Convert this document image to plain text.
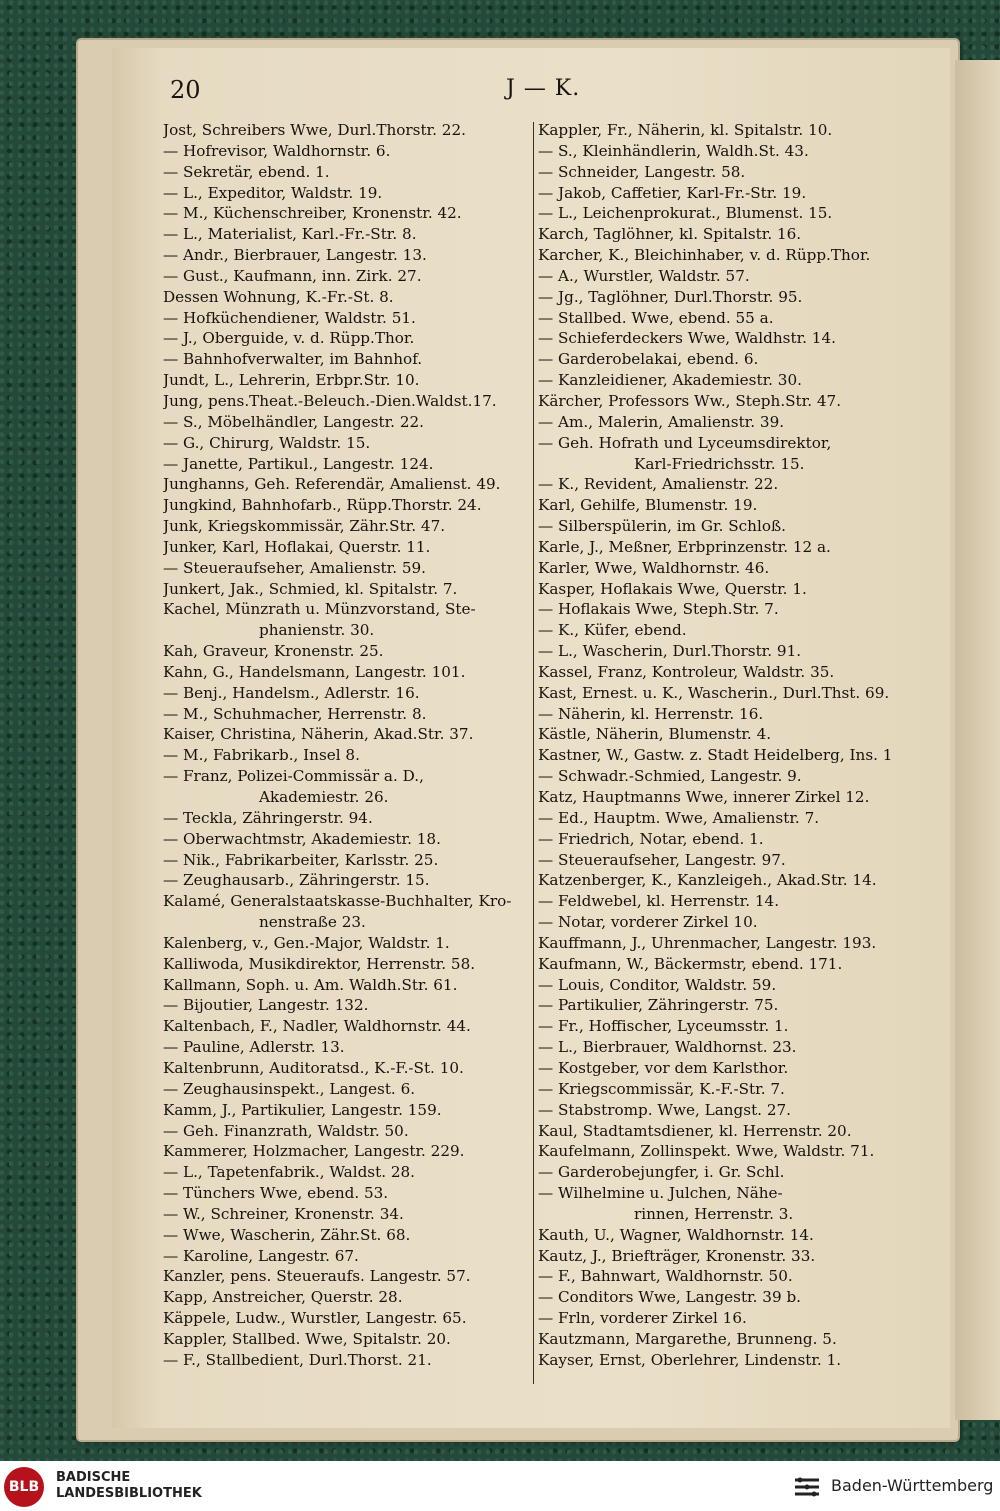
20	J — K.
Jost, Schreibers Wwe, Durl.Thorstr. 22.
— Hofrevisor, Waldhornstr. 6.
— Sekretär, ebend. 1.
— L., Expeditor, Waldstr. 19.
— M., Küchenschreiber, Kronenstr. 42.
— L., Materialist, Karl.-Fr.-Str. 8.
— Andr., Bierbrauer, Langestr. 13.
— Gust., Kaufmann, inn. Zirk. 27.
Dessen Wohnung, K.-Fr.-St. 8.
— Hofküchendiener, Waldstr. 51.
— J., Oberguide, v. d. Rüpp.Thor.
— Bahnhofverwalter, im Bahnhof.
Jundt, L., Lehrerin, Erbpr.Str. 10.
Jung, pens.Theat.-Beleuch.-Dien.Waldst.17.
— S., Möbelhändler, Langestr. 22.
— G., Chirurg, Waldstr. 15.
— Janette, Partikul., Langestr. 124.
Junghanns, Geh. Referendär, Amalienst. 49.
Jungkind, Bahnhofarb., Rüpp.Thorstr. 24.
Junk, Kriegskommissär, Zähr.Str. 47.
Junker, Karl, Hoflakai, Querstr. 11.
— Steueraufseher, Amalienstr. 59.
Junkert, Jak., Schmied, kl. Spitalstr. 7.
Kachel, Münzrath u. Münzvorstand, Ste-
phanienstr. 30.
Kah, Graveur, Kronenstr. 25.
Kahn, G., Handelsmann, Langestr. 101.
— Benj., Handelsm., Adlerstr. 16.
— M., Schuhmacher, Herrenstr. 8.
Kaiser, Christina, Näherin, Akad.Str. 37.
— M., Fabrikarb., Insel 8.
— Franz, Polizei-Commissär a. D.,
Akademiestr. 26.
— Teckla, Zähringerstr. 94.
— Oberwachtmstr, Akademiestr. 18.
— Nik., Fabrikarbeiter, Karlsstr. 25.
— Zeughausarb., Zähringerstr. 15.
Kalamé, Generalstaatskasse-Buchhalter, Kro-
nenstraße 23.
Kalenberg, v., Gen.-Major, Waldstr. 1.
Kalliwoda, Musikdirektor, Herrenstr. 58.
Kallmann, Soph. u. Am. Waldh.Str. 61.
— Bijoutier, Langestr. 132.
Kaltenbach, F., Nadler, Waldhornstr. 44.
— Pauline, Adlerstr. 13.
Kaltenbrunn, Auditoratsd., K.-F.-St. 10.
— Zeughausinspekt., Langest. 6.
Kamm, J., Partikulier, Langestr. 159.
— Geh. Finanzrath, Waldstr. 50.
Kammerer, Holzmacher, Langestr. 229.
— L., Tapetenfabrik., Waldst. 28.
— Tünchers Wwe, ebend. 53.
— W., Schreiner, Kronenstr. 34.
— Wwe, Wascherin, Zähr.St. 68.
— Karoline, Langestr. 67.
Kanzler, pens. Steueraufs. Langestr. 57.
Kapp, Anstreicher, Querstr. 28.
Käppele, Ludw., Wurstler, Langestr. 65.
Kappler, Stallbed. Wwe, Spitalstr. 20.
— F., Stallbedient, Durl.Thorst. 21.
Kappler, Fr., Näherin, kl. Spitalstr. 10.
— S., Kleinhändlerin, Waldh.St. 43.
— Schneider, Langestr. 58.
— Jakob, Caffetier, Karl-Fr.-Str. 19.
— L., Leichenprokurat., Blumenst. 15.
Karch, Taglöhner, kl. Spitalstr. 16.
Karcher, K., Bleichinhaber, v. d. Rüpp.Thor.
— A., Wurstler, Waldstr. 57.
— Jg., Taglöhner, Durl.Thorstr. 95.
— Stallbed. Wwe, ebend. 55 a.
— Schieferdeckers Wwe, Waldhstr. 14.
— Garderobelakai, ebend. 6.
— Kanzleidiener, Akademiestr. 30.
Kärcher, Professors Ww., Steph.Str. 47.
— Am., Malerin, Amalienstr. 39.
— Geh. Hofrath und Lyceumsdirektor,
Karl-Friedrichsstr. 15.
— K., Revident, Amalienstr. 22.
Karl, Gehilfe, Blumenstr. 19.
— Silberspülerin, im Gr. Schloß.
Karle, J., Meßner, Erbprinzenstr. 12 a.
Karler, Wwe, Waldhornstr. 46.
Kasper, Hoflakais Wwe, Querstr. 1.
— Hoflakais Wwe, Steph.Str. 7.
— K., Küfer, ebend.
— L., Wascherin, Durl.Thorstr. 91.
Kassel, Franz, Kontroleur, Waldstr. 35.
Kast, Ernest. u. K., Wascherin., Durl.Thst. 69.
— Näherin, kl. Herrenstr. 16.
Kästle, Näherin, Blumenstr. 4.
Kastner, W., Gastw. z. Stadt Heidelberg, Ins. 1
— Schwadr.-Schmied, Langestr. 9.
Katz, Hauptmanns Wwe, innerer Zirkel 12.
— Ed., Hauptm. Wwe, Amalienstr. 7.
— Friedrich, Notar, ebend. 1.
— Steueraufseher, Langestr. 97.
Katzenberger, K., Kanzleigeh., Akad.Str. 14.
— Feldwebel, kl. Herrenstr. 14.
— Notar, vorderer Zirkel 10.
Kauffmann, J., Uhrenmacher, Langestr. 193.
Kaufmann, W., Bäckermstr, ebend. 171.
— Louis, Conditor, Waldstr. 59.
— Partikulier, Zähringerstr. 75.
— Fr., Hoffischer, Lyceumsstr. 1.
— L., Bierbrauer, Waldhornst. 23.
— Kostgeber, vor dem Karlsthor.
— Kriegscommissär, K.-F.-Str. 7.
— Stabstromp. Wwe, Langst. 27.
Kaul, Stadtamtsdiener, kl. Herrenstr. 20.
Kaufelmann, Zollinspekt. Wwe, Waldstr. 71.
— Garderobejungfer, i. Gr. Schl.
— Wilhelmine u. Julchen, Nähe-
rinnen, Herrenstr. 3.
Kauth, U., Wagner, Waldhornstr. 14.
Kautz, J., Briefträger, Kronenstr. 33.
— F., Bahnwart, Waldhornstr. 50.
— Conditors Wwe, Langestr. 39 b.
— Frln, vorderer Zirkel 16.
Kautzmann, Margarethe, Brunneng. 5.
Kayser, Ernst, Oberlehrer, Lindenstr. 1.
BLB
BADISCHE
LANDESBIBLIOTHEK	Baden-Württemberg
